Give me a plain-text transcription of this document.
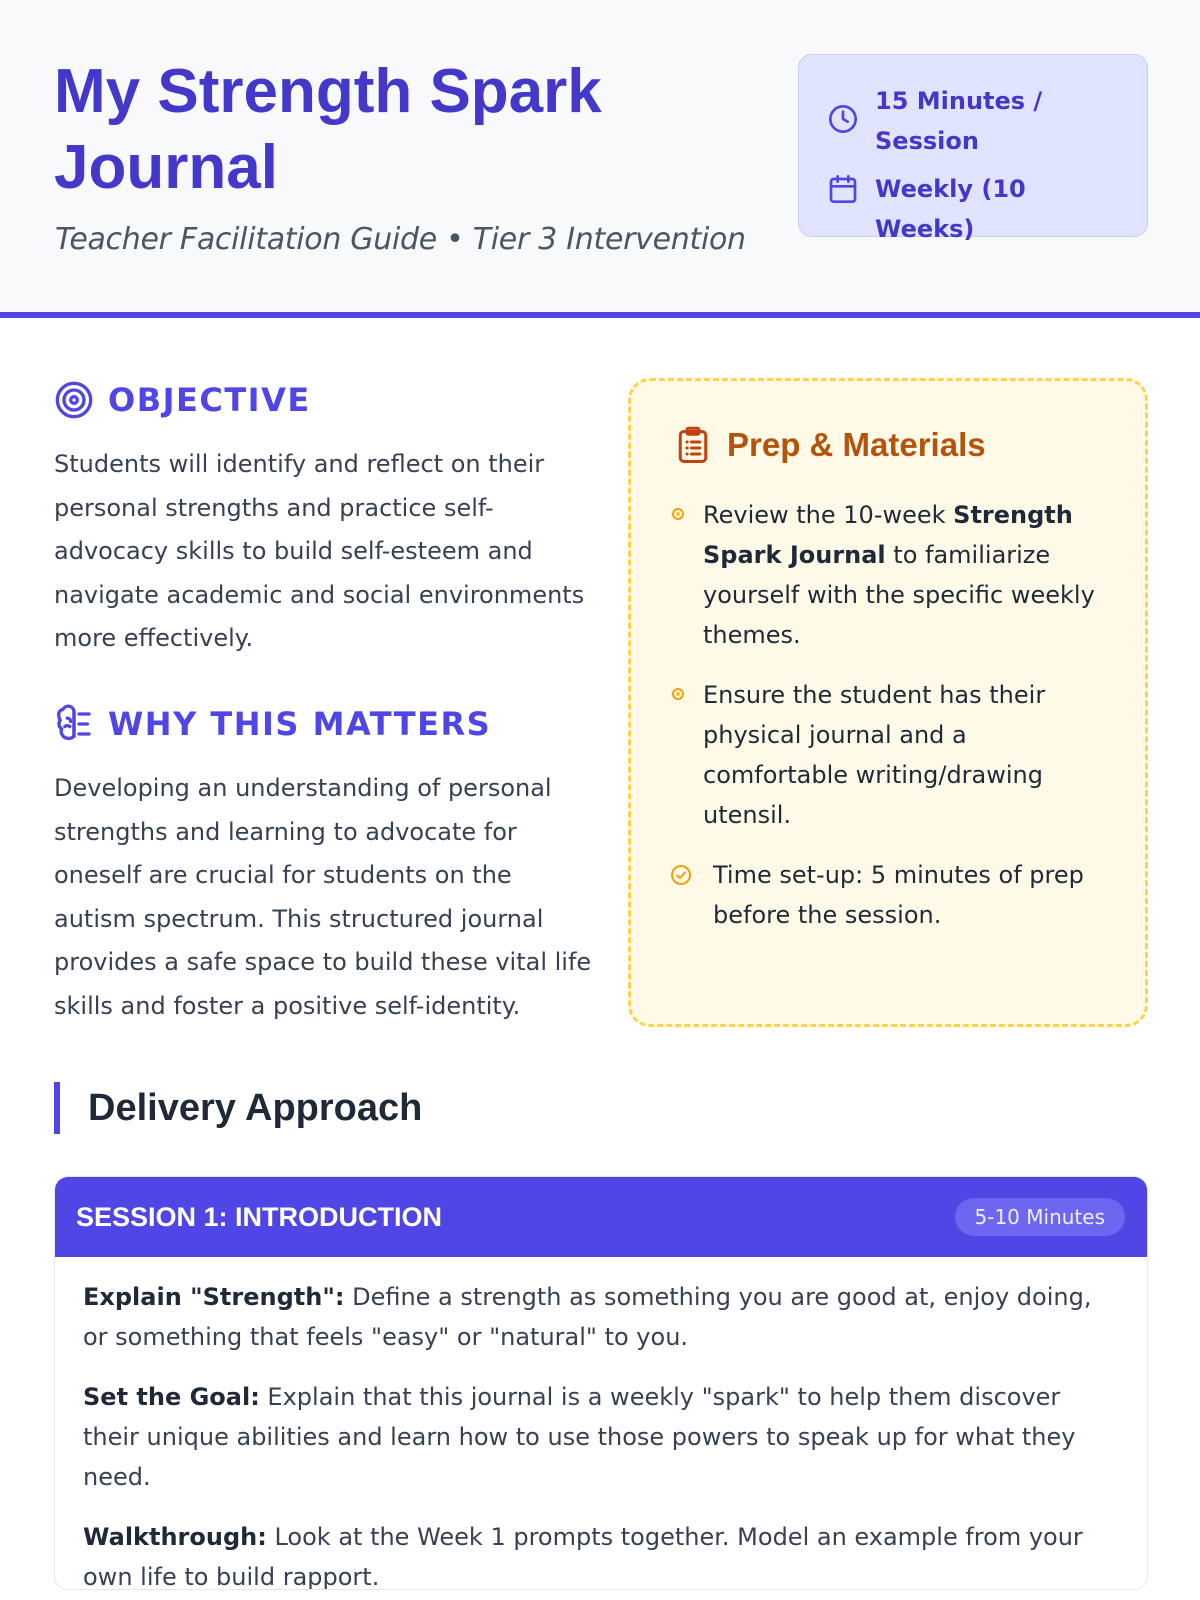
My Strength Spark Journal
Teacher Facilitation Guide • Tier 3 Intervention
15 Minutes / Session
Weekly (10 Weeks)
OBJECTIVE

Students will identify and reflect on their personal strengths and practice self-advocacy skills to build self-esteem and navigate academic and social environments more effectively.

WHY THIS MATTERS

Developing an understanding of personal strengths and learning to advocate for oneself are crucial for students on the autism spectrum. This structured journal provides a safe space to build these vital life skills and foster a positive self-identity.

Prep & Materials
Review the 10-week Strength Spark Journal to familiarize yourself with the specific weekly themes.
Ensure the student has their physical journal and a comfortable writing/drawing utensil.
Time set-up: 5 minutes of prep before the session.
Delivery Approach
SESSION 1: INTRODUCTION	5-10 Minutes

Explain "Strength": Define a strength as something you are good at, enjoy doing, or something that feels "easy" or "natural" to you.

Set the Goal: Explain that this journal is a weekly "spark" to help them discover their unique abilities and learn how to use those powers to speak up for what they need.

Walkthrough: Look at the Week 1 prompts together. Model an example from your own life to build rapport.
